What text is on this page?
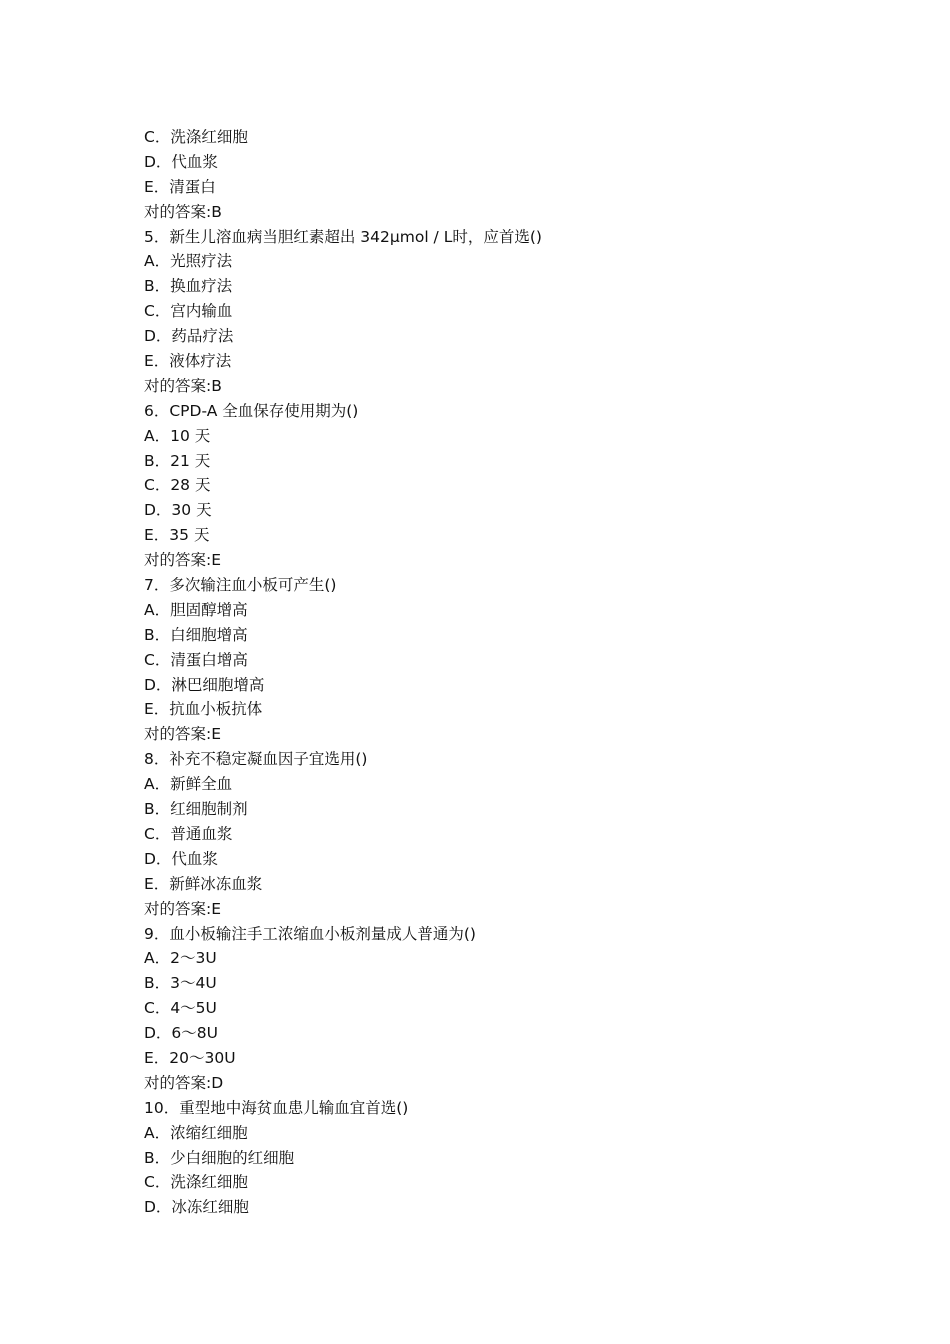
C．洗涤红细胞
D．代血浆
E．清蛋白
对的答案:B
5．新生儿溶血病当胆红素超出 342μmol / L时，应首选()
A．光照疗法
B．换血疗法
C．宫内输血
D．药品疗法
E．液体疗法
对的答案:B
6．CPD-A 全血保存使用期为()
A．10 天
B．21 天
C．28 天
D．30 天
E．35 天
对的答案:E
7．多次输注血小板可产生()
A．胆固醇增高
B．白细胞增高
C．清蛋白增高
D．淋巴细胞增高
E．抗血小板抗体
对的答案:E
8．补充不稳定凝血因子宜选用()
A．新鲜全血
B．红细胞制剂
C．普通血浆
D．代血浆
E．新鲜冰冻血浆
对的答案:E
9．血小板输注手工浓缩血小板剂量成人普通为()
A．2～3U
B．3～4U
C．4～5U
D．6～8U
E．20～30U
对的答案:D
10．重型地中海贫血患儿输血宜首选()
A．浓缩红细胞
B．少白细胞的红细胞
C．洗涤红细胞
D．冰冻红细胞
